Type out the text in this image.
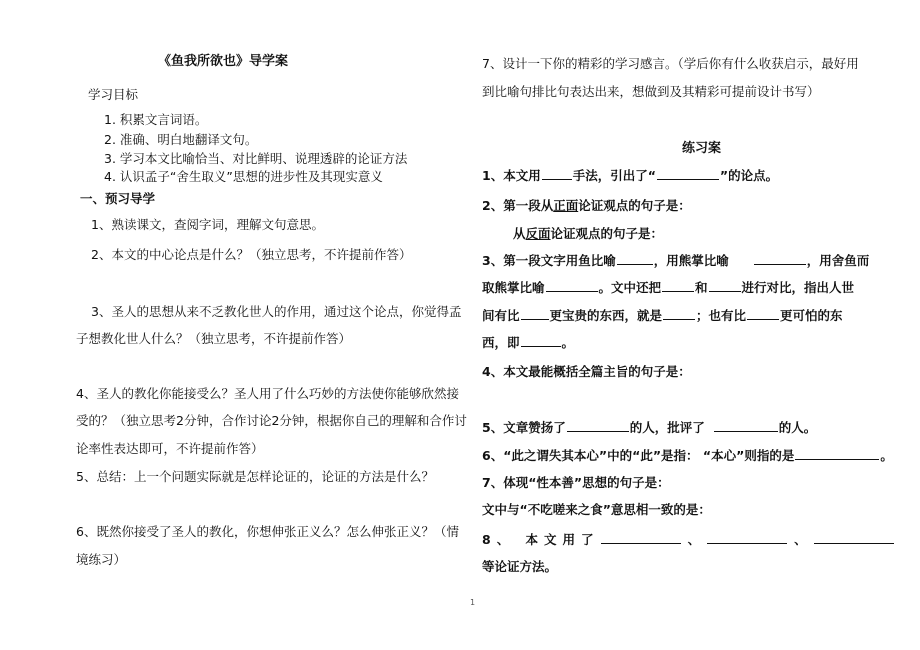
《鱼我所欲也》导学案
学习目标
1. 积累文言词语。
2. 准确、明白地翻译文句。
3. 学习本文比喻恰当、对比鲜明、说理透辟的论证方法
4. 认识孟子“舍生取义”思想的进步性及其现实意义
一、预习导学
1、熟读课文，查阅字词，理解文句意思。
2、本文的中心论点是什么？（独立思考，不许提前作答）
3、圣人的思想从来不乏教化世人的作用，通过这个论点，你觉得孟
子想教化世人什么？（独立思考，不许提前作答）
4、圣人的教化你能接受么？圣人用了什么巧妙的方法使你能够欣然接
受的？（独立思考2分钟，合作讨论2分钟，根据你自己的理解和合作讨
论率性表达即可，不许提前作答）
5、总结：上一个问题实际就是怎样论证的，论证的方法是什么？
6、既然你接受了圣人的教化，你想伸张正义么？怎么伸张正义？（情
境练习）
7、设计一下你的精彩的学习感言。（学后你有什么收获启示，最好用
到比喻句排比句表达出来，想做到及其精彩可提前设计书写）
练习案
1、本文用	手法，引出了“	”的论点。
2、第一段从正面论证观点的句子是：
从反面论证观点的句子是：
3、第一段文字用鱼比喻	，用熊掌比喻	，用舍鱼而
取熊掌比喻	。文中还把	和	进行对比，指出人世
间有比 更宝贵的东西，就是	；也有比	更可怕的东
西，即	。
4、本文最能概括全篇主旨的句子是：
5、文章赞扬了	的人，批评了	的人。
6、“此之谓失其本心”中的“此”是指： “本心”则指的是	。
7、体现“性本善”思想的句子是：
文中与“不吃嗟来之食”意思相一致的是：
8、 本文用了	、	、
等论证方法。
1
